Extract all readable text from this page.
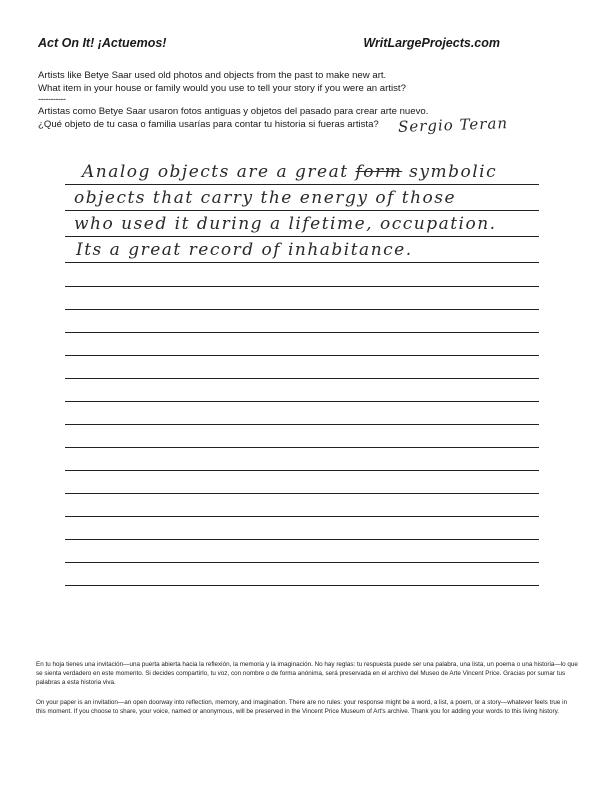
Act On It! ¡Actuemos!	WritLargeProjects.com
Artists like Betye Saar used old photos and objects from the past to make new art.
What item in your house or family would you use to tell your story if you were an artist?
-----------
Artistas como Betye Saar usaron fotos antiguas y objetos del pasado para crear arte nuevo.
¿Qué objeto de tu casa o familia usarías para contar tu historia si fueras artista? Sergio Teran
Analog objects are a great form symbolic
objects that carry the energy of those
who used it during a lifetime, occupation.
Its a great record of inhabitance.
En tu hoja tienes una invitación—una puerta abierta hacia la reflexión, la memoria y la imaginación. No hay reglas: tu respuesta puede ser una palabra, una lista, un poema o una historia—lo que se sienta verdadero en este momento. Si decides compartirlo, tu voz, con nombre o de forma anónima, será preservada en el archivo del Museo de Arte Vincent Price. Gracias por sumar tus palabras a esta historia viva.
On your paper is an invitation—an open doorway into reflection, memory, and imagination. There are no rules: your response might be a word, a list, a poem, or a story—whatever feels true in this moment. If you choose to share, your voice, named or anonymous, will be preserved in the Vincent Price Museum of Art's archive. Thank you for adding your words to this living history.
